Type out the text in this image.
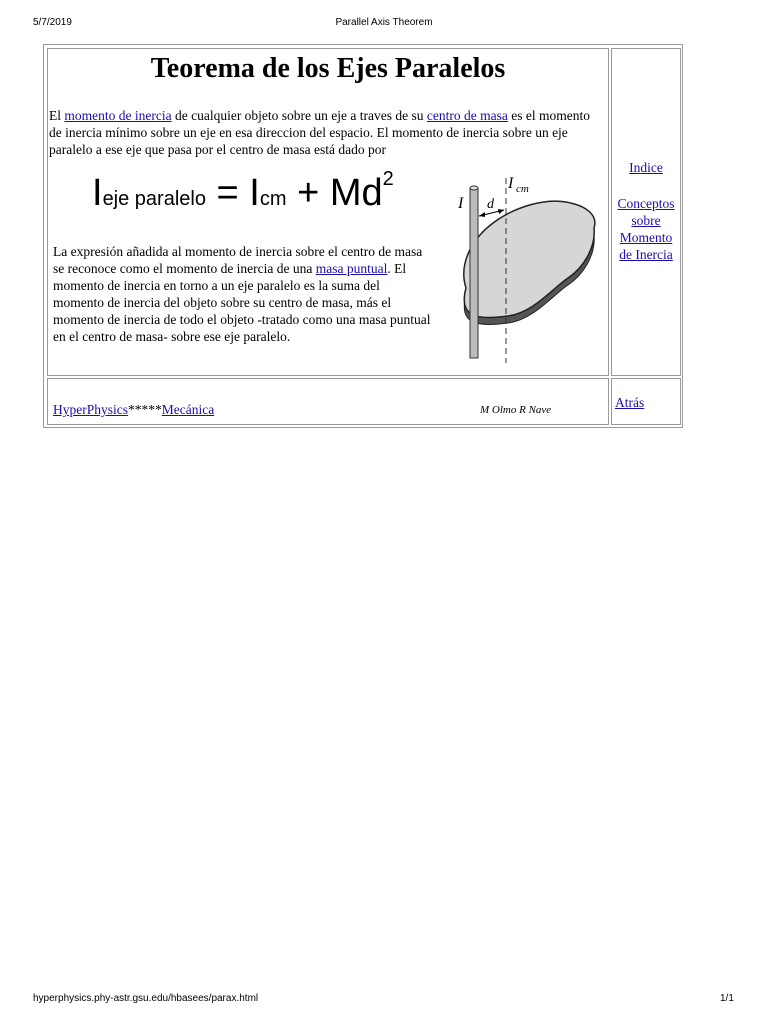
5/7/2019	Parallel Axis Theorem
Teorema de los Ejes Paralelos
El momento de inercia de cualquier objeto sobre un eje a traves de su centro de masa es el momento de inercia mínimo sobre un eje en esa direccion del espacio. El momento de inercia sobre un eje paralelo a ese eje que pasa por el centro de masa está dado por
Ieje paralelo = Icm + Md2
I d
I cm
La expresión añadida al momento de inercia sobre el centro de masa se reconoce como el momento de inercia de una masa puntual. El momento de inercia en torno a un eje paralelo es la suma del momento de inercia del objeto sobre su centro de masa, más el momento de inercia de todo el objeto -tratado como una masa puntual en el centro de masa- sobre ese eje paralelo.
Indice
Conceptos sobre Momento de Inercia
HyperPhysics*****Mecánica	M Olmo R Nave	Atrás
hyperphysics.phy-astr.gsu.edu/hbasees/parax.html	1/1
